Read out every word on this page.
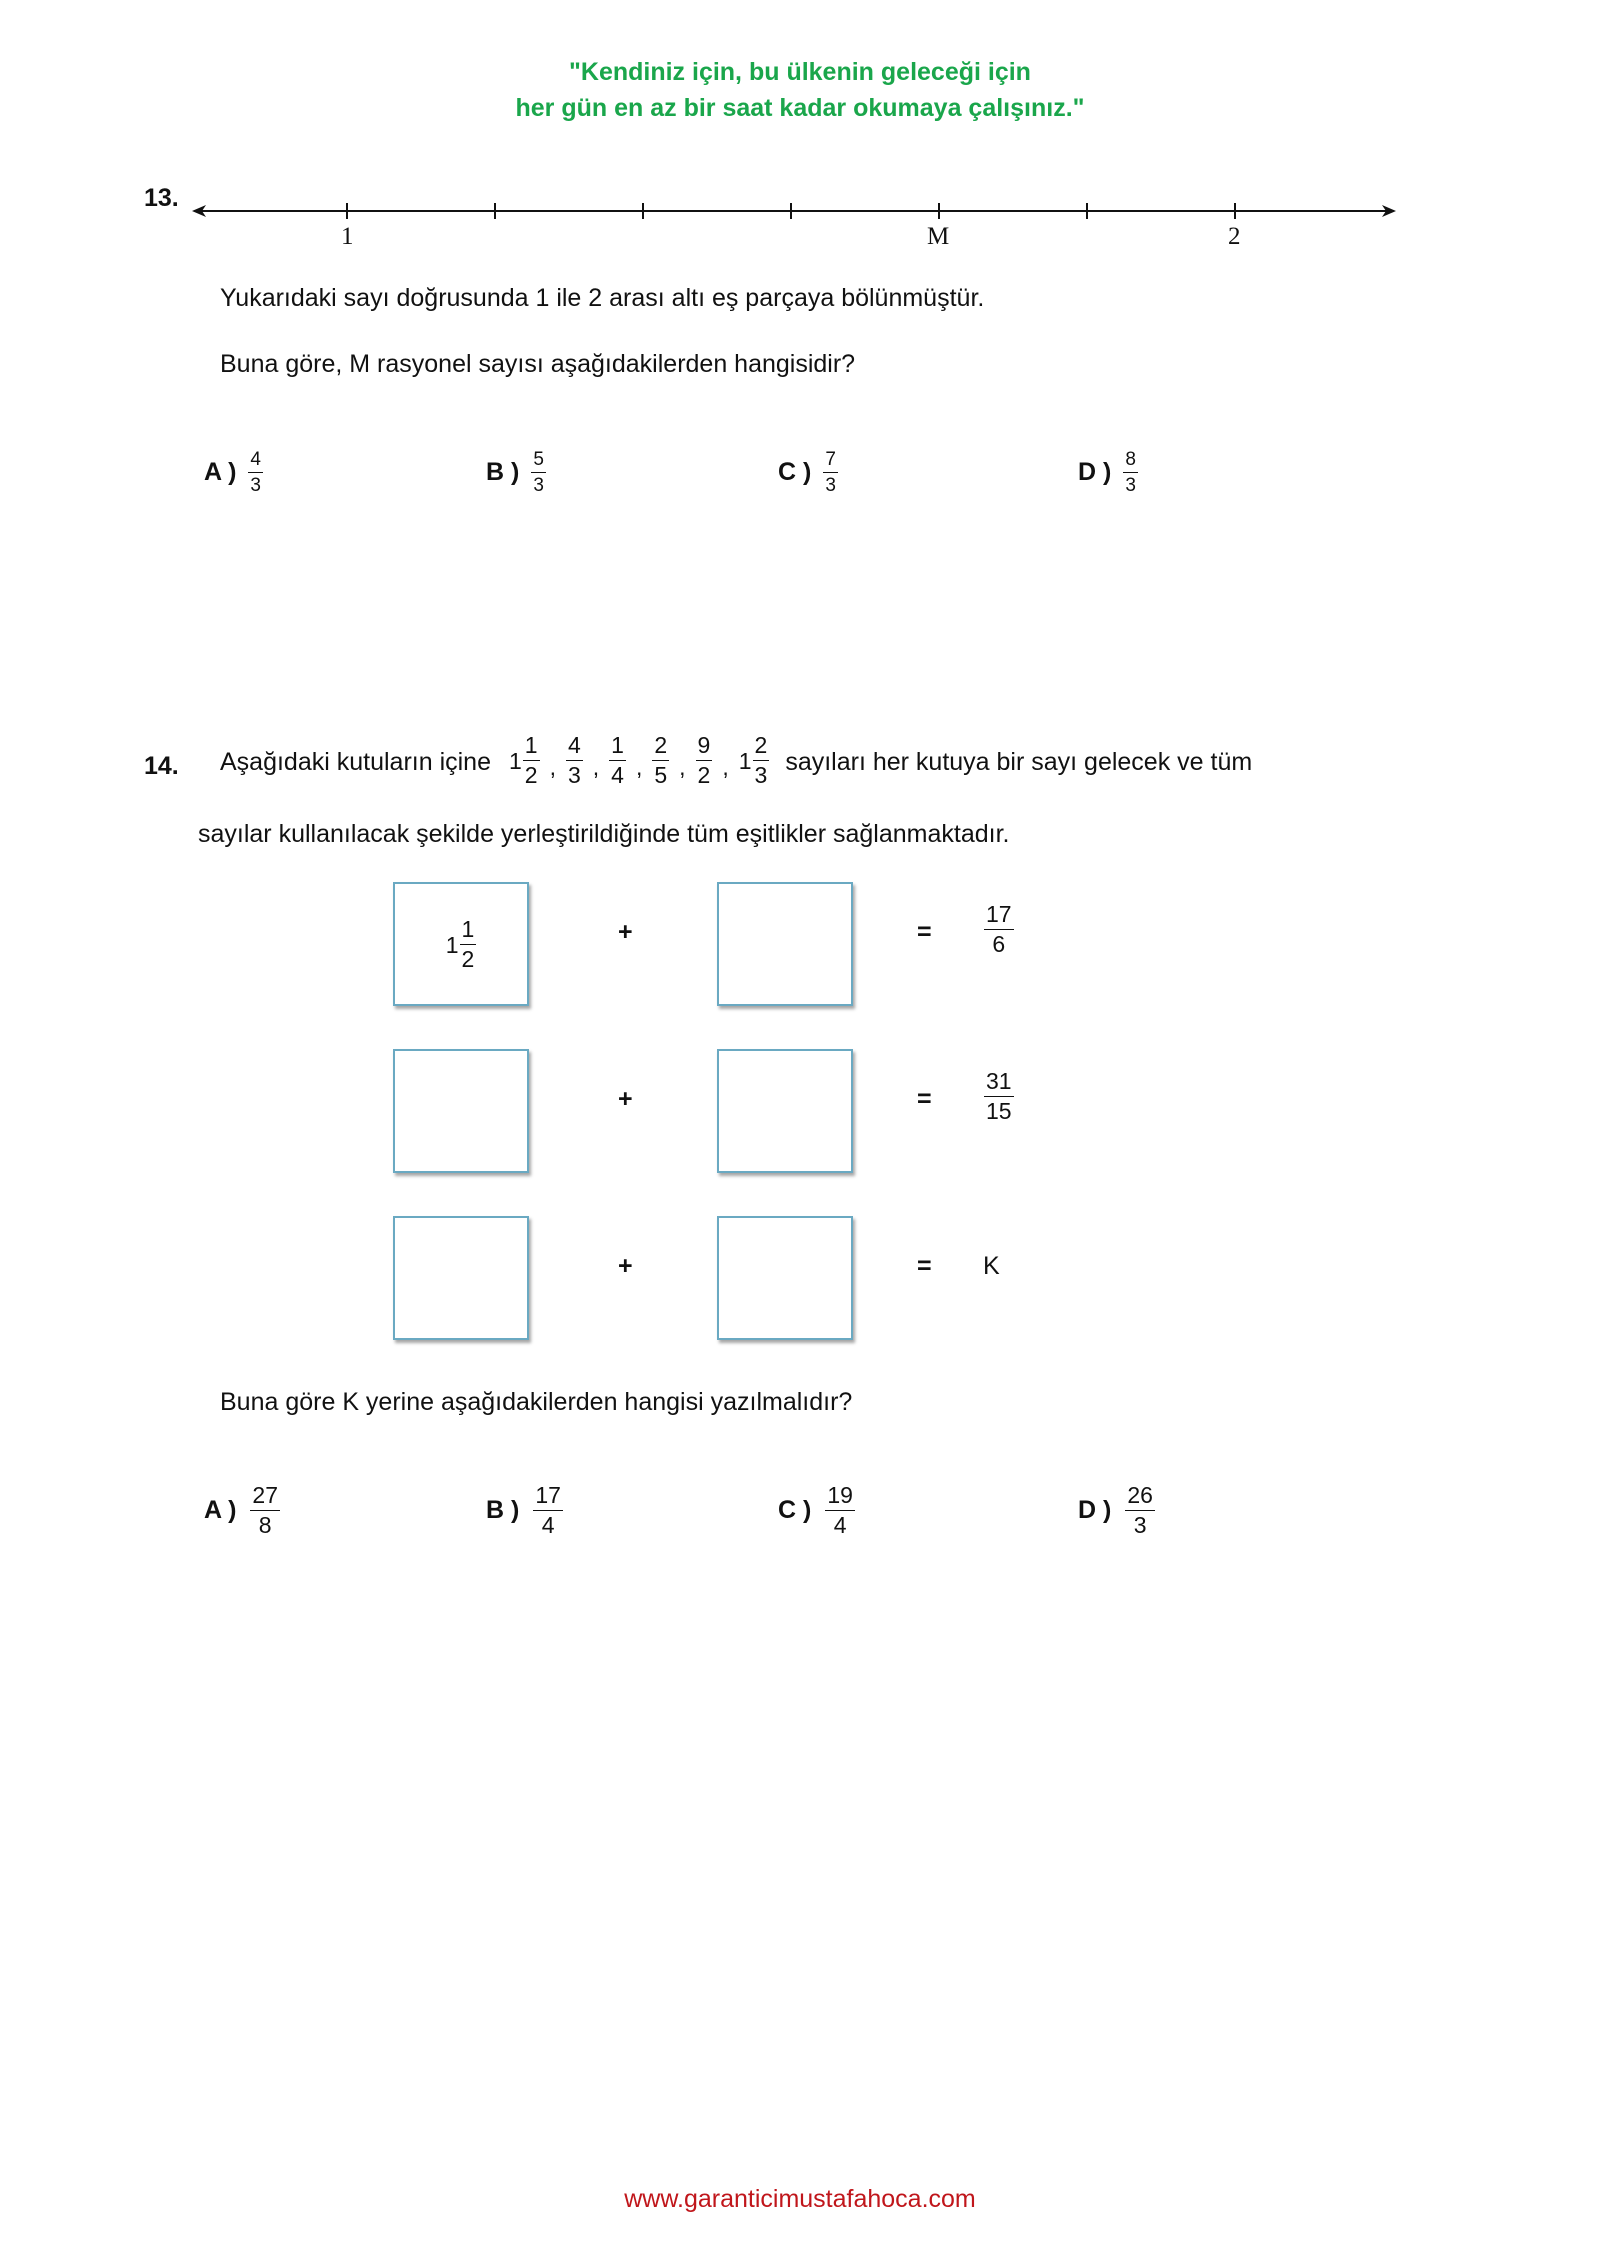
"Kendiniz için, bu ülkenin geleceği için
her gün en az bir saat kadar okumaya çalışınız."
13.
1	M	2
Yukarıdaki sayı doğrusunda 1 ile 2 arası altı eş parçaya bölünmüştür.
Buna göre, M rasyonel sayısı aşağıdakilerden hangisidir?
A ) $\frac{4}{3}$	B ) $\frac{5}{3}$	C ) $\frac{7}{3}$	D ) $\frac{8}{3}$
14. Aşağıdaki kutuların içine $1 \frac{1}{2}$ , $\frac{4}{3}$ , $\frac{1}{4}$ , $\frac{2}{5}$ , $\frac{9}{2}$ , $1 \frac{2}{3}$ sayıları her kutuya bir sayı gelecek ve tüm
sayılar kullanılacak şekilde yerleştirildiğinde tüm eşitlikler sağlanmaktadır.
$1 \frac{1}{2}$	+	= $\frac{17}{6}$
+	= $\frac{31}{15}$
+	= K
Buna göre K yerine aşağıdakilerden hangisi yazılmalıdır?
A ) $\frac{27}{8}$	B ) $\frac{17}{4}$	C ) $\frac{19}{4}$	D ) $\frac{26}{3}$
www.garanticimustafahoca.com
